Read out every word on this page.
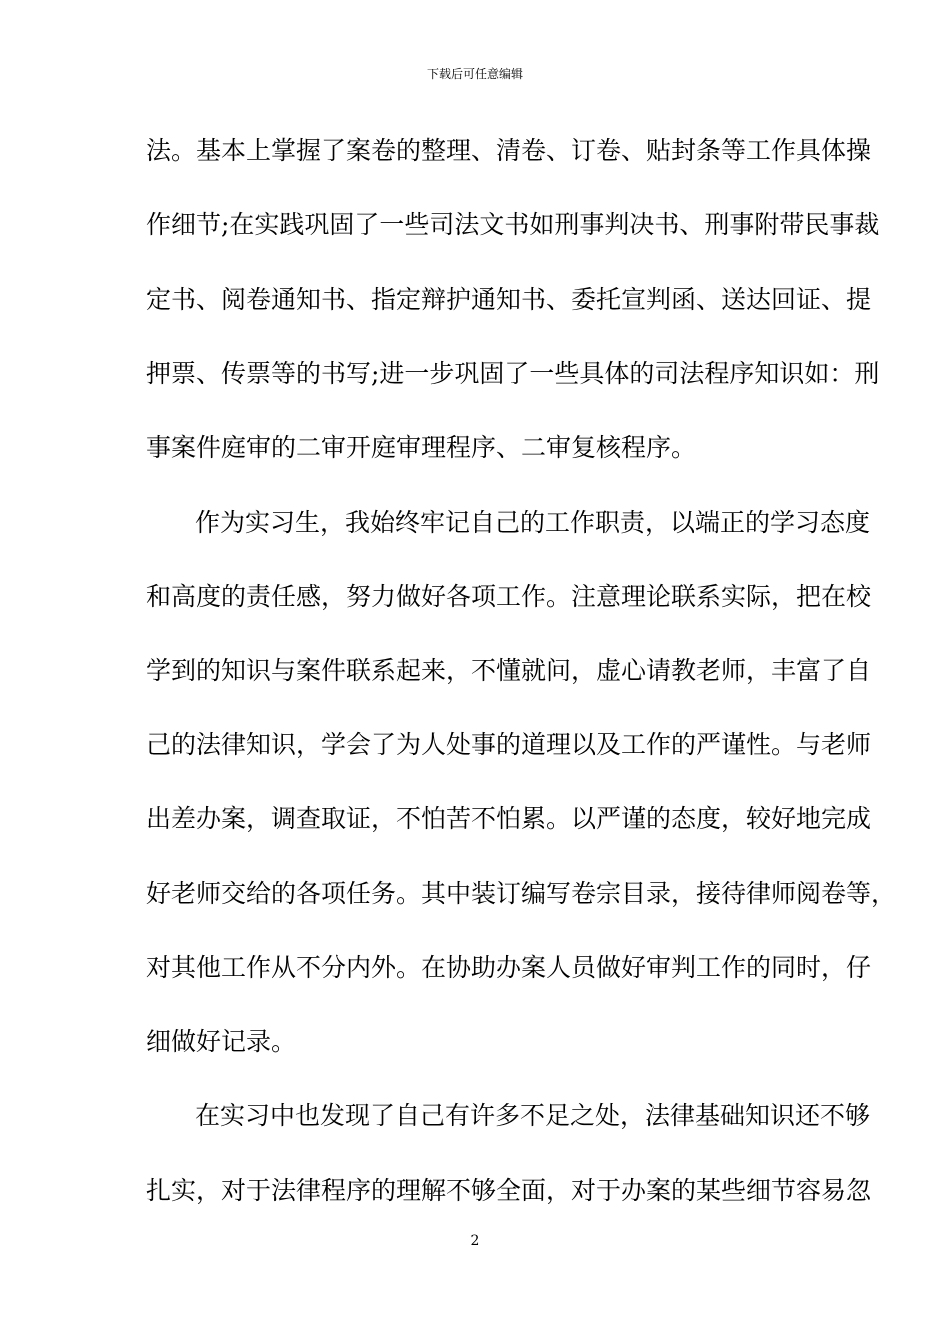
下载后可任意编辑
法。基本上掌握了案卷的整理、清卷、订卷、贴封条等工作具体操
作细节;在实践巩固了一些司法文书如刑事判决书、刑事附带民事裁
定书、阅卷通知书、指定辩护通知书、委托宣判函、送达回证、提
押票、传票等的书写;进一步巩固了一些具体的司法程序知识如：刑
事案件庭审的二审开庭审理程序、二审复核程序。
作为实习生，我始终牢记自己的工作职责，以端正的学习态度
和高度的责任感，努力做好各项工作。注意理论联系实际，把在校
学到的知识与案件联系起来，不懂就问，虚心请教老师，丰富了自
己的法律知识，学会了为人处事的道理以及工作的严谨性。与老师
出差办案，调查取证，不怕苦不怕累。以严谨的态度，较好地完成
好老师交给的各项任务。其中装订编写卷宗目录，接待律师阅卷等，
对其他工作从不分内外。在协助办案人员做好审判工作的同时，仔
细做好记录。
在实习中也发现了自己有许多不足之处，法律基础知识还不够
扎实，对于法律程序的理解不够全面，对于办案的某些细节容易忽
2
